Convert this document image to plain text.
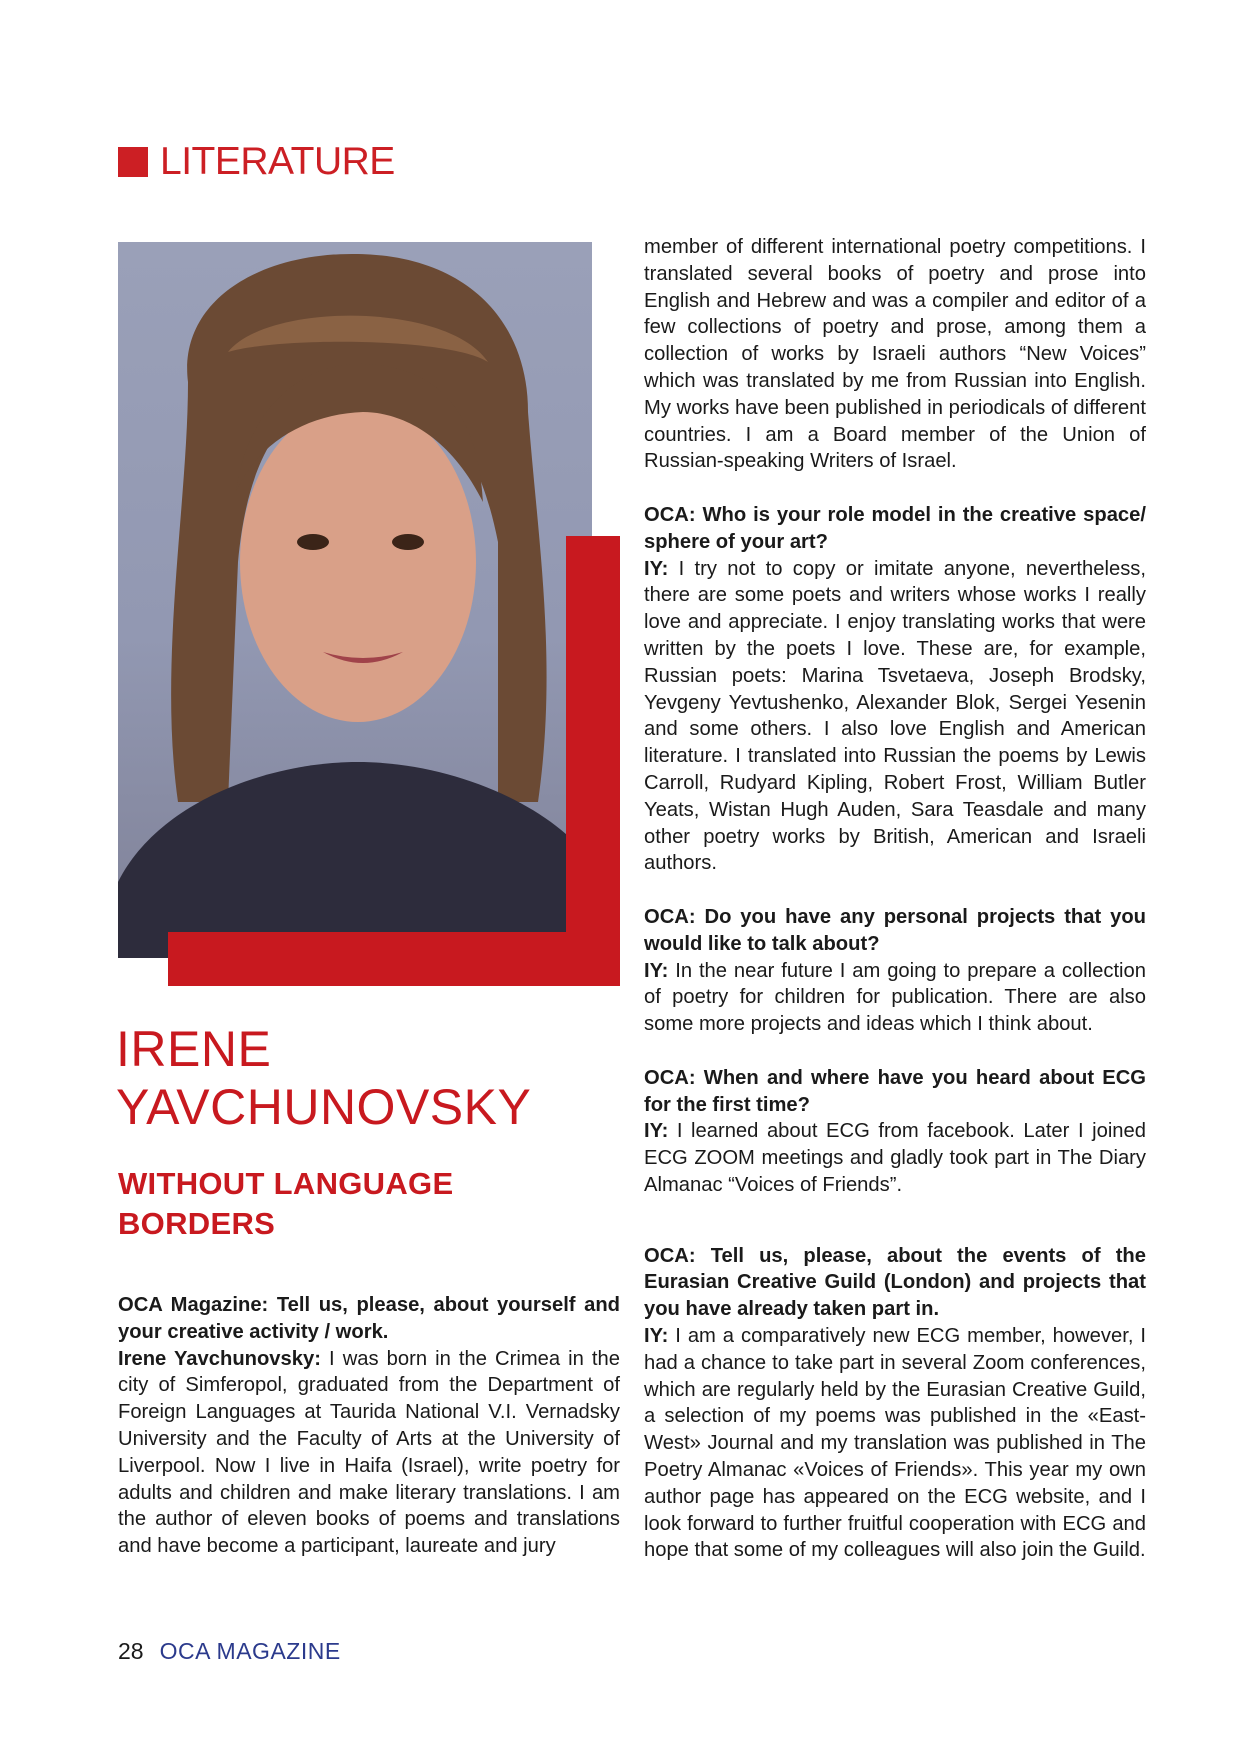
LITERATURE
IRENE
YAVCHUNOVSKY
WITHOUT LANGUAGE BORDERS

OCA Magazine: Tell us, please, about yourself and your creative activity / work.

Irene Yavchunovsky: I was born in the Crimea in the city of Simferopol, graduated from the Department of Foreign Languages at Taurida National V.I. Vernadsky University and the Faculty of Arts at the University of Liverpool. Now I live in Haifa (Israel), write poetry for adults and children and make literary translations. I am the author of eleven books of poems and translations and have become a participant, laureate and jury

member of different international poetry competitions. I translated several books of poetry and prose into English and Hebrew and was a compiler and editor of a few collections of poetry and prose, among them a collection of works by Israeli authors “New Voices” which was translated by me from Russian into English. My works have been published in periodicals of different countries. I am a Board member of the Union of Russian-speaking Writers of Israel.

OCA: Who is your role model in the creative space/ sphere of your art?

IY: I try not to copy or imitate anyone, nevertheless, there are some poets and writers whose works I really love and appreciate. I enjoy translating works that were written by the poets I love. These are, for example, Russian poets: Marina Tsvetaeva, Joseph Brodsky, Yevgeny Yevtushenko, Alexander Blok, Sergei Yesenin and some others. I also love English and American literature. I translated into Russian the poems by Lewis Carroll, Rudyard Kipling, Robert Frost, William Butler Yeats, Wistan Hugh Auden, Sara Teasdale and many other poetry works by British, American and Israeli authors.

OCA: Do you have any personal projects that you would like to talk about?

IY: In the near future I am going to prepare a collection of poetry for children for publication. There are also some more projects and ideas which I think about.

OCA: When and where have you heard about ECG for the first time?

IY: I learned about ECG from facebook. Later I joined ECG ZOOM meetings and gladly took part in The Diary Almanac “Voices of Friends”.

OCA: Tell us, please, about the events of the Eurasian Creative Guild (London) and projects that you have already taken part in.

IY: I am a comparatively new ECG member, however, I had a chance to take part in several Zoom conferences, which are regularly held by the Eurasian Creative Guild, a selection of my poems was published in the «East-West» Journal and my translation was published in The Poetry Almanac «Voices of Friends». This year my own author page has appeared on the ECG website, and I look forward to further fruitful cooperation with ECG and hope that some of my colleagues will also join the Guild.

28 OCA MAGAZINE
